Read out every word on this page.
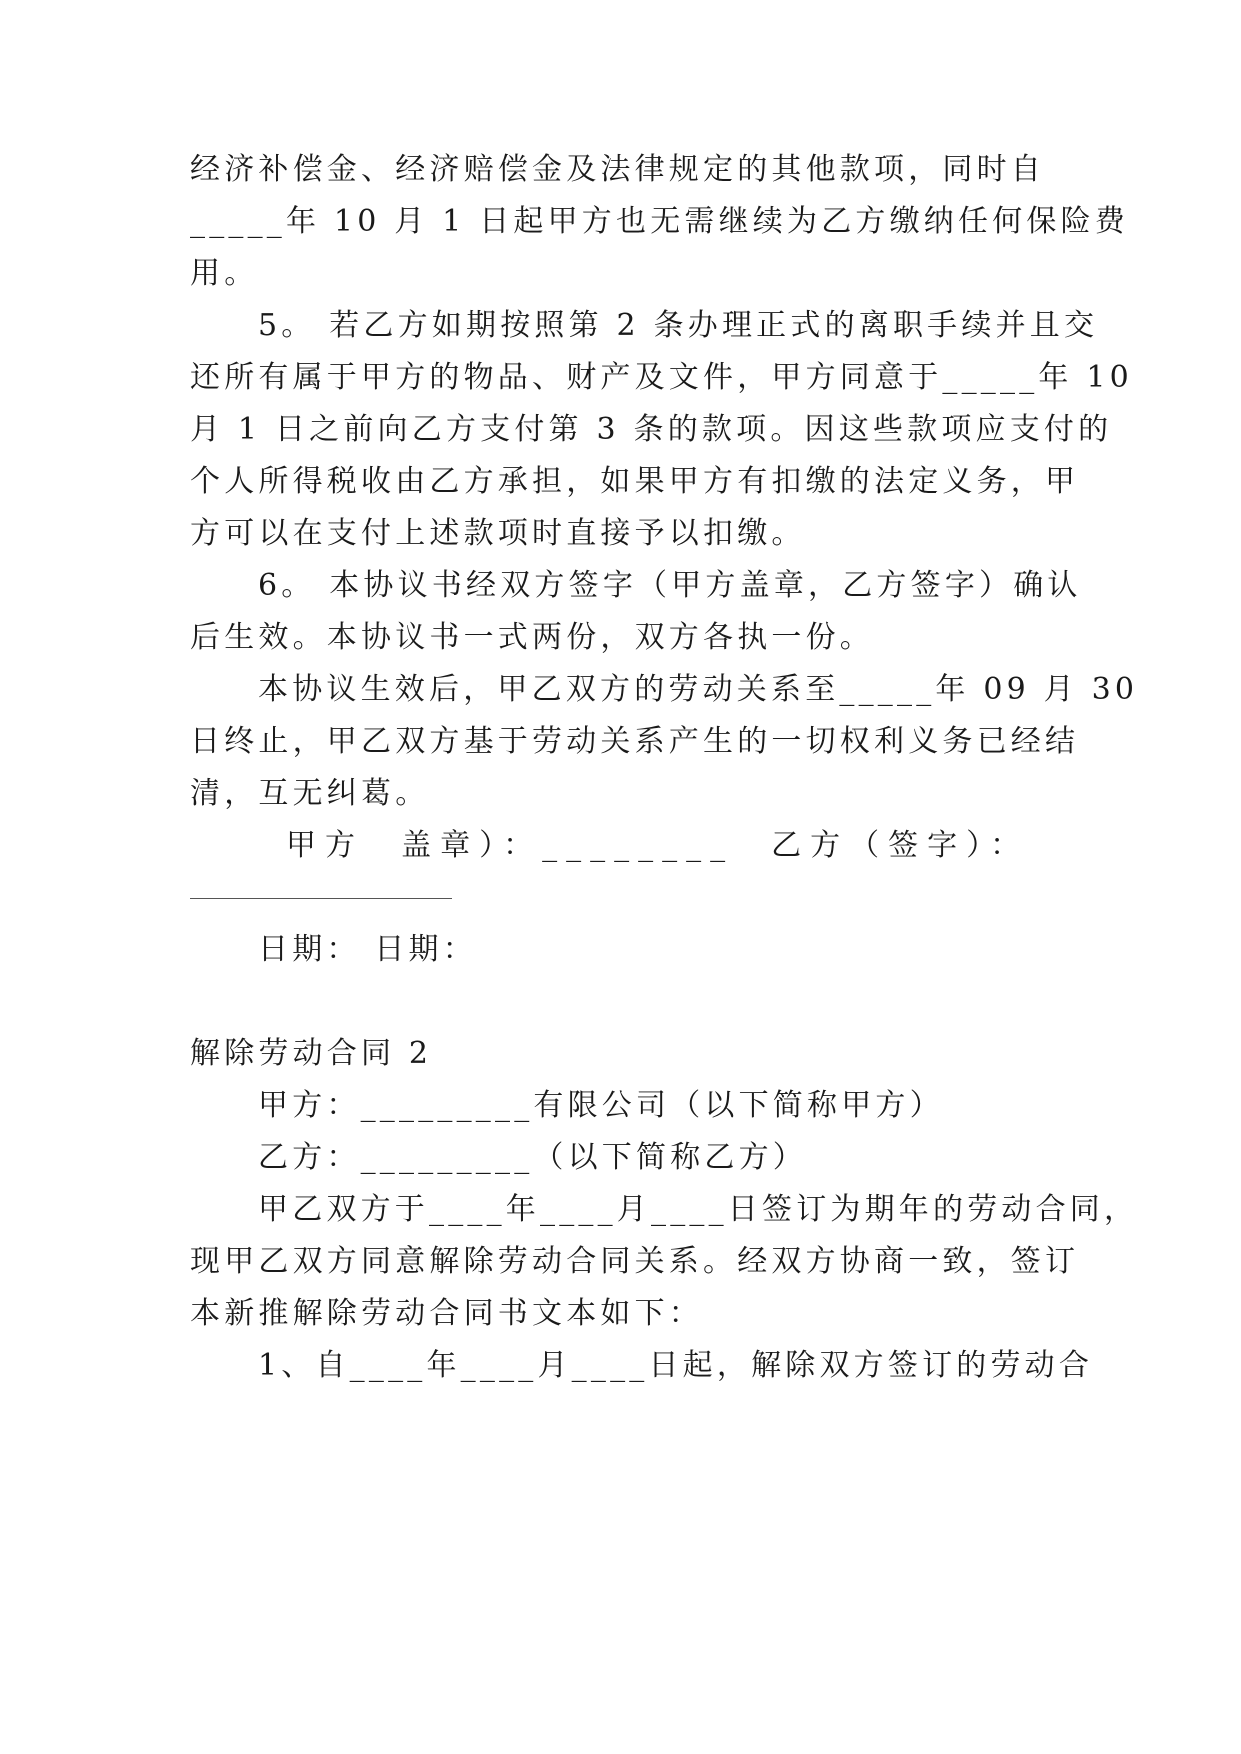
经济补偿金、经济赔偿金及法律规定的其他款项，同时自
_____年 10 月 1 日起甲方也无需继续为乙方缴纳任何保险费
用。
5。 若乙方如期按照第 2 条办理正式的离职手续并且交
还所有属于甲方的物品、财产及文件，甲方同意于_____年 10
月 1 日之前向乙方支付第 3 条的款项。因这些款项应支付的
个人所得税收由乙方承担，如果甲方有扣缴的法定义务，甲
方可以在支付上述款项时直接予以扣缴。
6。 本协议书经双方签字（甲方盖章，乙方签字）确认
后生效。本协议书一式两份，双方各执一份。
本协议生效后，甲乙双方的劳动关系至_____年 09 月 30
日终止，甲乙双方基于劳动关系产生的一切权利义务已经结
清，互无纠葛。
甲方  盖章）：________  乙方（签字）：
日期： 日期：
解除劳动合同 2
甲方：_________有限公司（以下简称甲方）
乙方：_________（以下简称乙方）
甲乙双方于____年____月____日签订为期年的劳动合同，
现甲乙双方同意解除劳动合同关系。经双方协商一致，签订
本新推解除劳动合同书文本如下：
1、自____年____月____日起，解除双方签订的劳动合
